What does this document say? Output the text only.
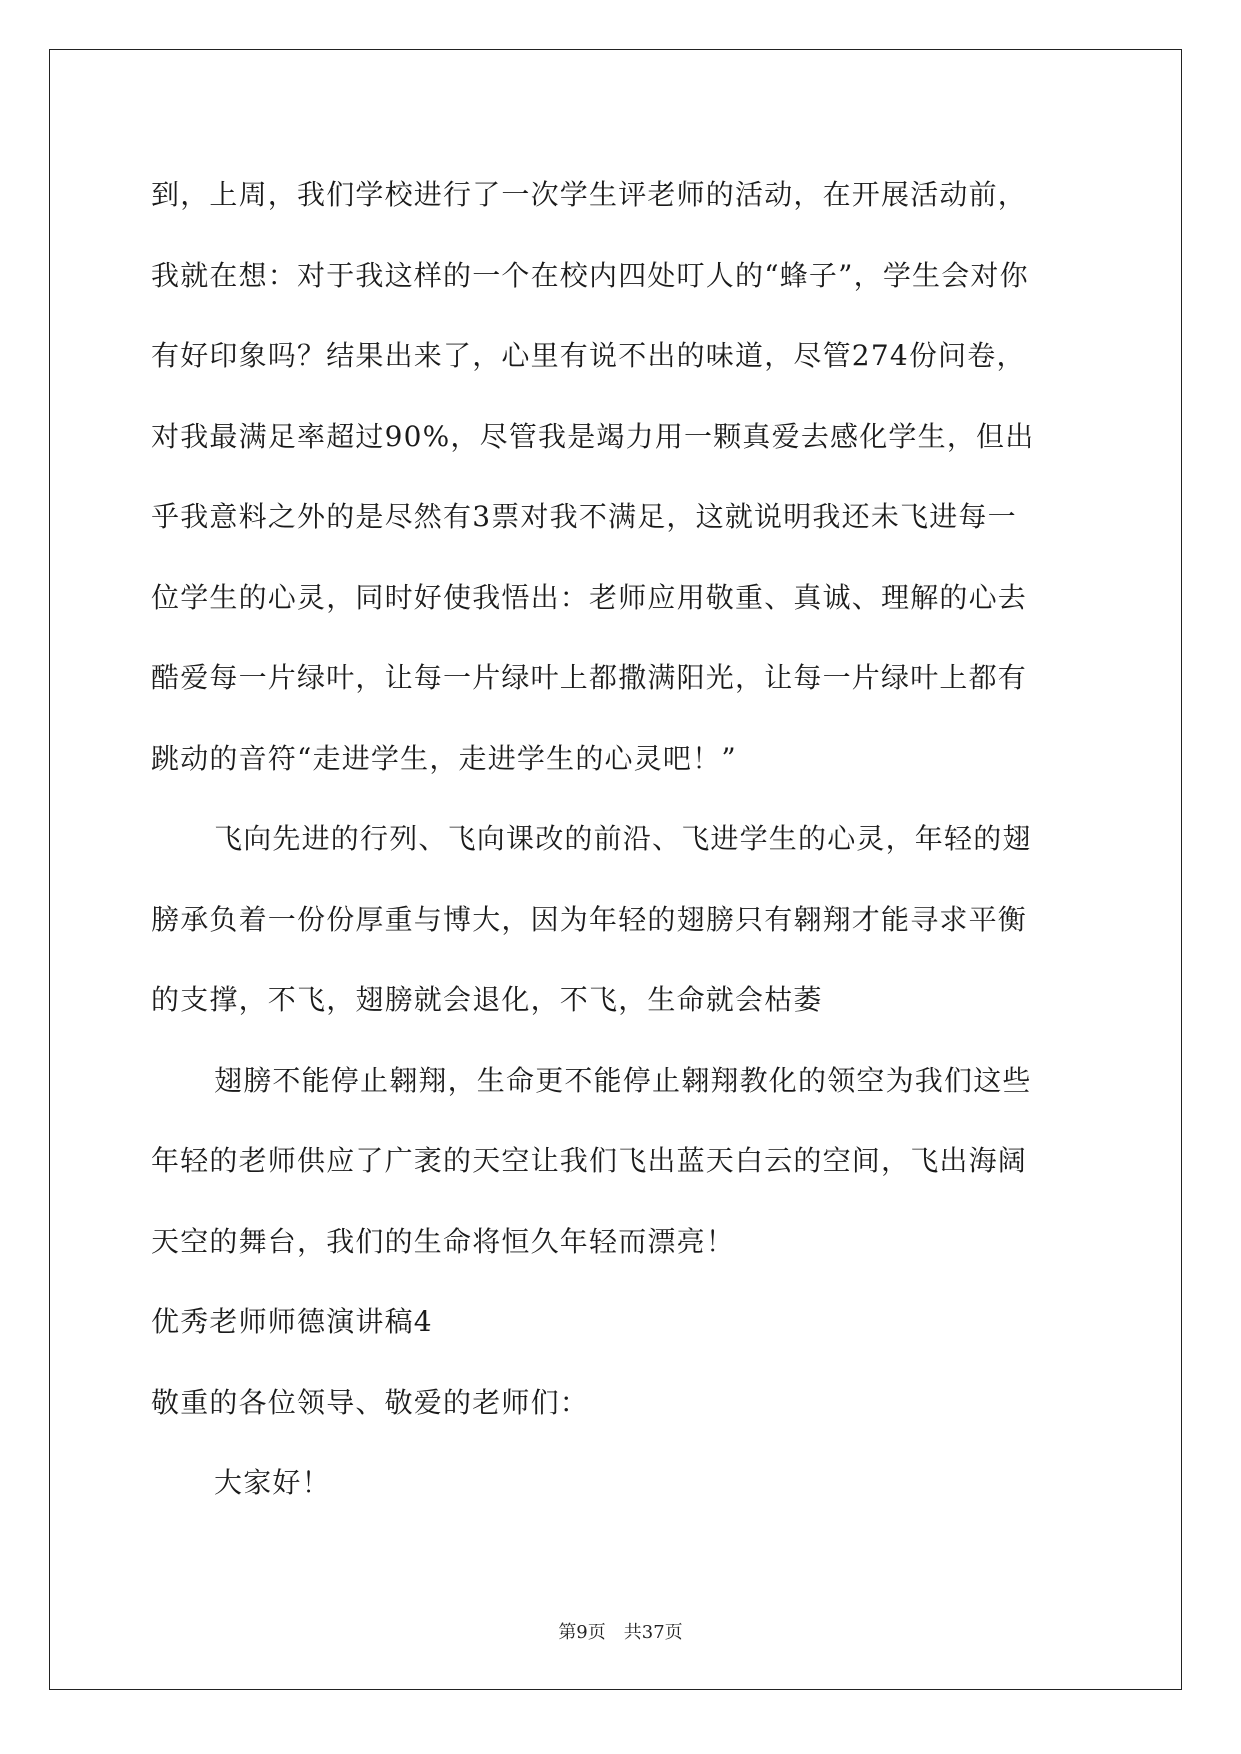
到，上周，我们学校进行了一次学生评老师的活动，在开展活动前，
我就在想：对于我这样的一个在校内四处叮人的“蜂子”，学生会对你
有好印象吗？结果出来了，心里有说不出的味道，尽管274份问卷，
对我最满足率超过90%，尽管我是竭力用一颗真爱去感化学生，但出
乎我意料之外的是尽然有3票对我不满足，这就说明我还未飞进每一
位学生的心灵，同时好使我悟出：老师应用敬重、真诚、理解的心去
酷爱每一片绿叶，让每一片绿叶上都撒满阳光，让每一片绿叶上都有
跳动的音符“走进学生，走进学生的心灵吧！”
飞向先进的行列、飞向课改的前沿、飞进学生的心灵，年轻的翅
膀承负着一份份厚重与博大，因为年轻的翅膀只有翱翔才能寻求平衡
的支撑，不飞，翅膀就会退化，不飞，生命就会枯萎
翅膀不能停止翱翔，生命更不能停止翱翔教化的领空为我们这些
年轻的老师供应了广袤的天空让我们飞出蓝天白云的空间，飞出海阔
天空的舞台，我们的生命将恒久年轻而漂亮！
优秀老师师德演讲稿4
敬重的各位领导、敬爱的老师们：
大家好！
第9页 共37页
